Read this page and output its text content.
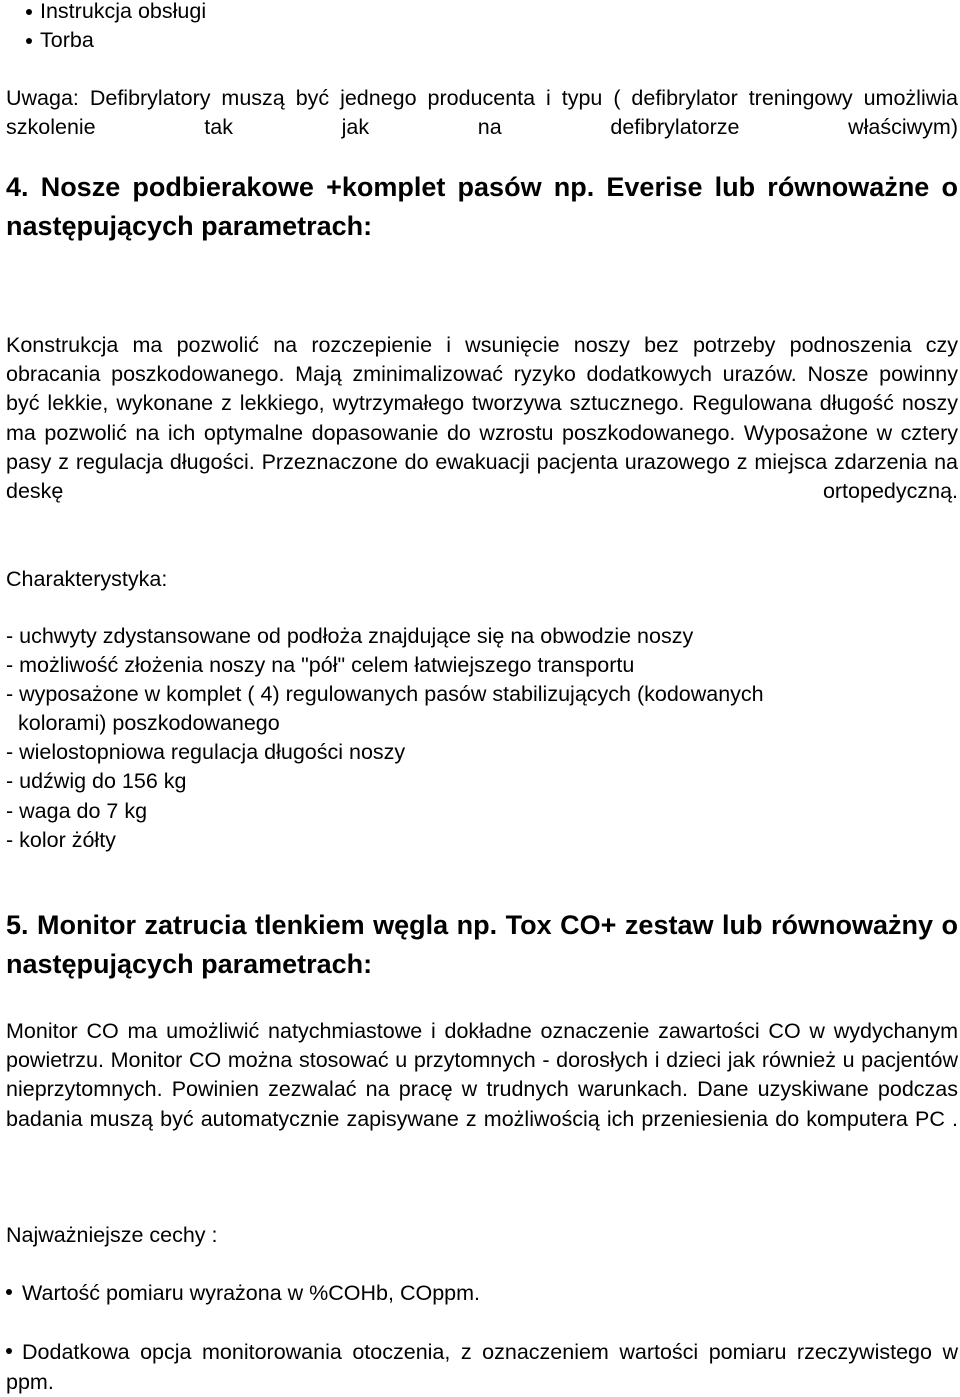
Instrukcja obsługi
Torba

Uwaga: Defibrylatory muszą być jednego producenta i typu ( defibrylator treningowy umożliwia szkolenie tak jak na defibrylatorze właściwym)

4. Nosze podbierakowe +komplet pasów np. Everise lub równoważne o następujących parametrach:

Konstrukcja ma pozwolić na rozczepienie i wsunięcie noszy bez potrzeby podnoszenia czy obracania poszkodowanego. Mają zminimalizować ryzyko dodatkowych urazów. Nosze powinny być lekkie, wykonane z lekkiego, wytrzymałego tworzywa sztucznego. Regulowana długość noszy ma pozwolić na ich optymalne dopasowanie do wzrostu poszkodowanego. Wyposażone w cztery pasy z regulacja długości. Przeznaczone do ewakuacji pacjenta urazowego z miejsca zdarzenia na deskę ortopedyczną.

Charakterystyka:

- uchwyty zdystansowane od podłoża znajdujące się na obwodzie noszy
- możliwość złożenia noszy na "pół" celem łatwiejszego transportu
- wyposażone w komplet ( 4) regulowanych pasów stabilizujących (kodowanych
kolorami) poszkodowanego
- wielostopniowa regulacja długości noszy
- udźwig do 156 kg
- waga do 7 kg
- kolor żółty
5. Monitor zatrucia tlenkiem węgla np. Tox CO+ zestaw lub równoważny o następujących parametrach:

Monitor CO ma umożliwić natychmiastowe i dokładne oznaczenie zawartości CO w wydychanym powietrzu. Monitor CO można stosować u przytomnych - dorosłych i dzieci jak również u pacjentów nieprzytomnych. Powinien zezwalać na pracę w trudnych warunkach. Dane uzyskiwane podczas badania muszą być automatycznie zapisywane z możliwością ich przeniesienia do komputera PC .

Najważniejsze cechy :

Wartość pomiaru wyrażona w %COHb, COppm.
Dodatkowa opcja monitorowania otoczenia, z oznaczeniem wartości pomiaru rzeczywistego w ppm.
